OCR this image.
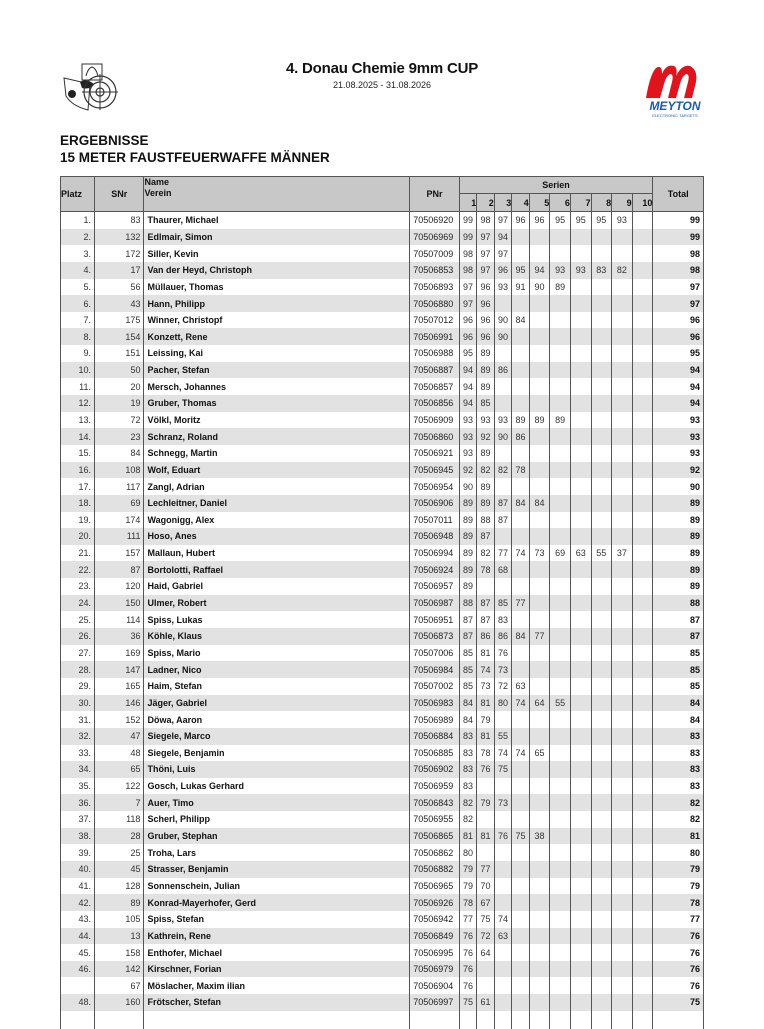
4. Donau Chemie 9mm CUP
21.08.2025 - 31.08.2026
MEYTON
ELECTRONIC TARGETS
ERGEBNISSE
15 METER FAUSTFEUERWAFFE MÄNNER
Platz	SNr	Name
Verein	PNr	Serien										Total
				1	2	3	4	5	6	7	8	9	10	
1.	83	Thaurer, Michael	70506920	99	98	97	96	96	95	95	95	93		99
2.	132	Edlmair, Simon	70506969	99	97	94								99
3.	172	Siller, Kevin	70507009	98	97	97								98
4.	17	Van der Heyd, Christoph	70506853	98	97	96	95	94	93	93	83	82		98
5.	56	Müllauer, Thomas	70506893	97	96	93	91	90	89					97
6.	43	Hann, Philipp	70506880	97	96									97
7.	175	Winner, Christopf	70507012	96	96	90	84							96
8.	154	Konzett, Rene	70506991	96	96	90								96
9.	151	Leissing, Kai	70506988	95	89									95
10.	50	Pacher, Stefan	70506887	94	89	86								94
11.	20	Mersch, Johannes	70506857	94	89									94
12.	19	Gruber, Thomas	70506856	94	85									94
13.	72	Völkl, Moritz	70506909	93	93	93	89	89	89					93
14.	23	Schranz, Roland	70506860	93	92	90	86							93
15.	84	Schnegg, Martin	70506921	93	89									93
16.	108	Wolf, Eduart	70506945	92	82	82	78							92
17.	117	Zangl, Adrian	70506954	90	89									90
18.	69	Lechleitner, Daniel	70506906	89	89	87	84	84						89
19.	174	Wagonigg, Alex	70507011	89	88	87								89
20.	111	Hoso, Anes	70506948	89	87									89
21.	157	Mallaun, Hubert	70506994	89	82	77	74	73	69	63	55	37		89
22.	87	Bortolotti, Raffael	70506924	89	78	68								89
23.	120	Haid, Gabriel	70506957	89										89
24.	150	Ulmer, Robert	70506987	88	87	85	77							88
25.	114	Spiss, Lukas	70506951	87	87	83								87
26.	36	Köhle, Klaus	70506873	87	86	86	84	77						87
27.	169	Spiss, Mario	70507006	85	81	76								85
28.	147	Ladner, Nico	70506984	85	74	73								85
29.	165	Haim, Stefan	70507002	85	73	72	63							85
30.	146	Jäger, Gabriel	70506983	84	81	80	74	64	55					84
31.	152	Döwa, Aaron	70506989	84	79									84
32.	47	Siegele, Marco	70506884	83	81	55								83
33.	48	Siegele, Benjamin	70506885	83	78	74	74	65						83
34.	65	Thöni, Luis	70506902	83	76	75								83
35.	122	Gosch, Lukas Gerhard	70506959	83										83
36.	7	Auer, Timo	70506843	82	79	73								82
37.	118	Scherl, Philipp	70506955	82										82
38.	28	Gruber, Stephan	70506865	81	81	76	75	38						81
39.	25	Troha, Lars	70506862	80										80
40.	45	Strasser, Benjamin	70506882	79	77									79
41.	128	Sonnenschein, Julian	70506965	79	70									79
42.	89	Konrad-Mayerhofer, Gerd	70506926	78	67									78
43.	105	Spiss, Stefan	70506942	77	75	74								77
44.	13	Kathrein, Rene	70506849	76	72	63								76
45.	158	Enthofer, Michael	70506995	76	64									76
46.	142	Kirschner, Forian	70506979	76										76
	67	Möslacher, Maxim ilian	70506904	76										76
48.	160	Frötscher, Stefan	70506997	75	61									75
